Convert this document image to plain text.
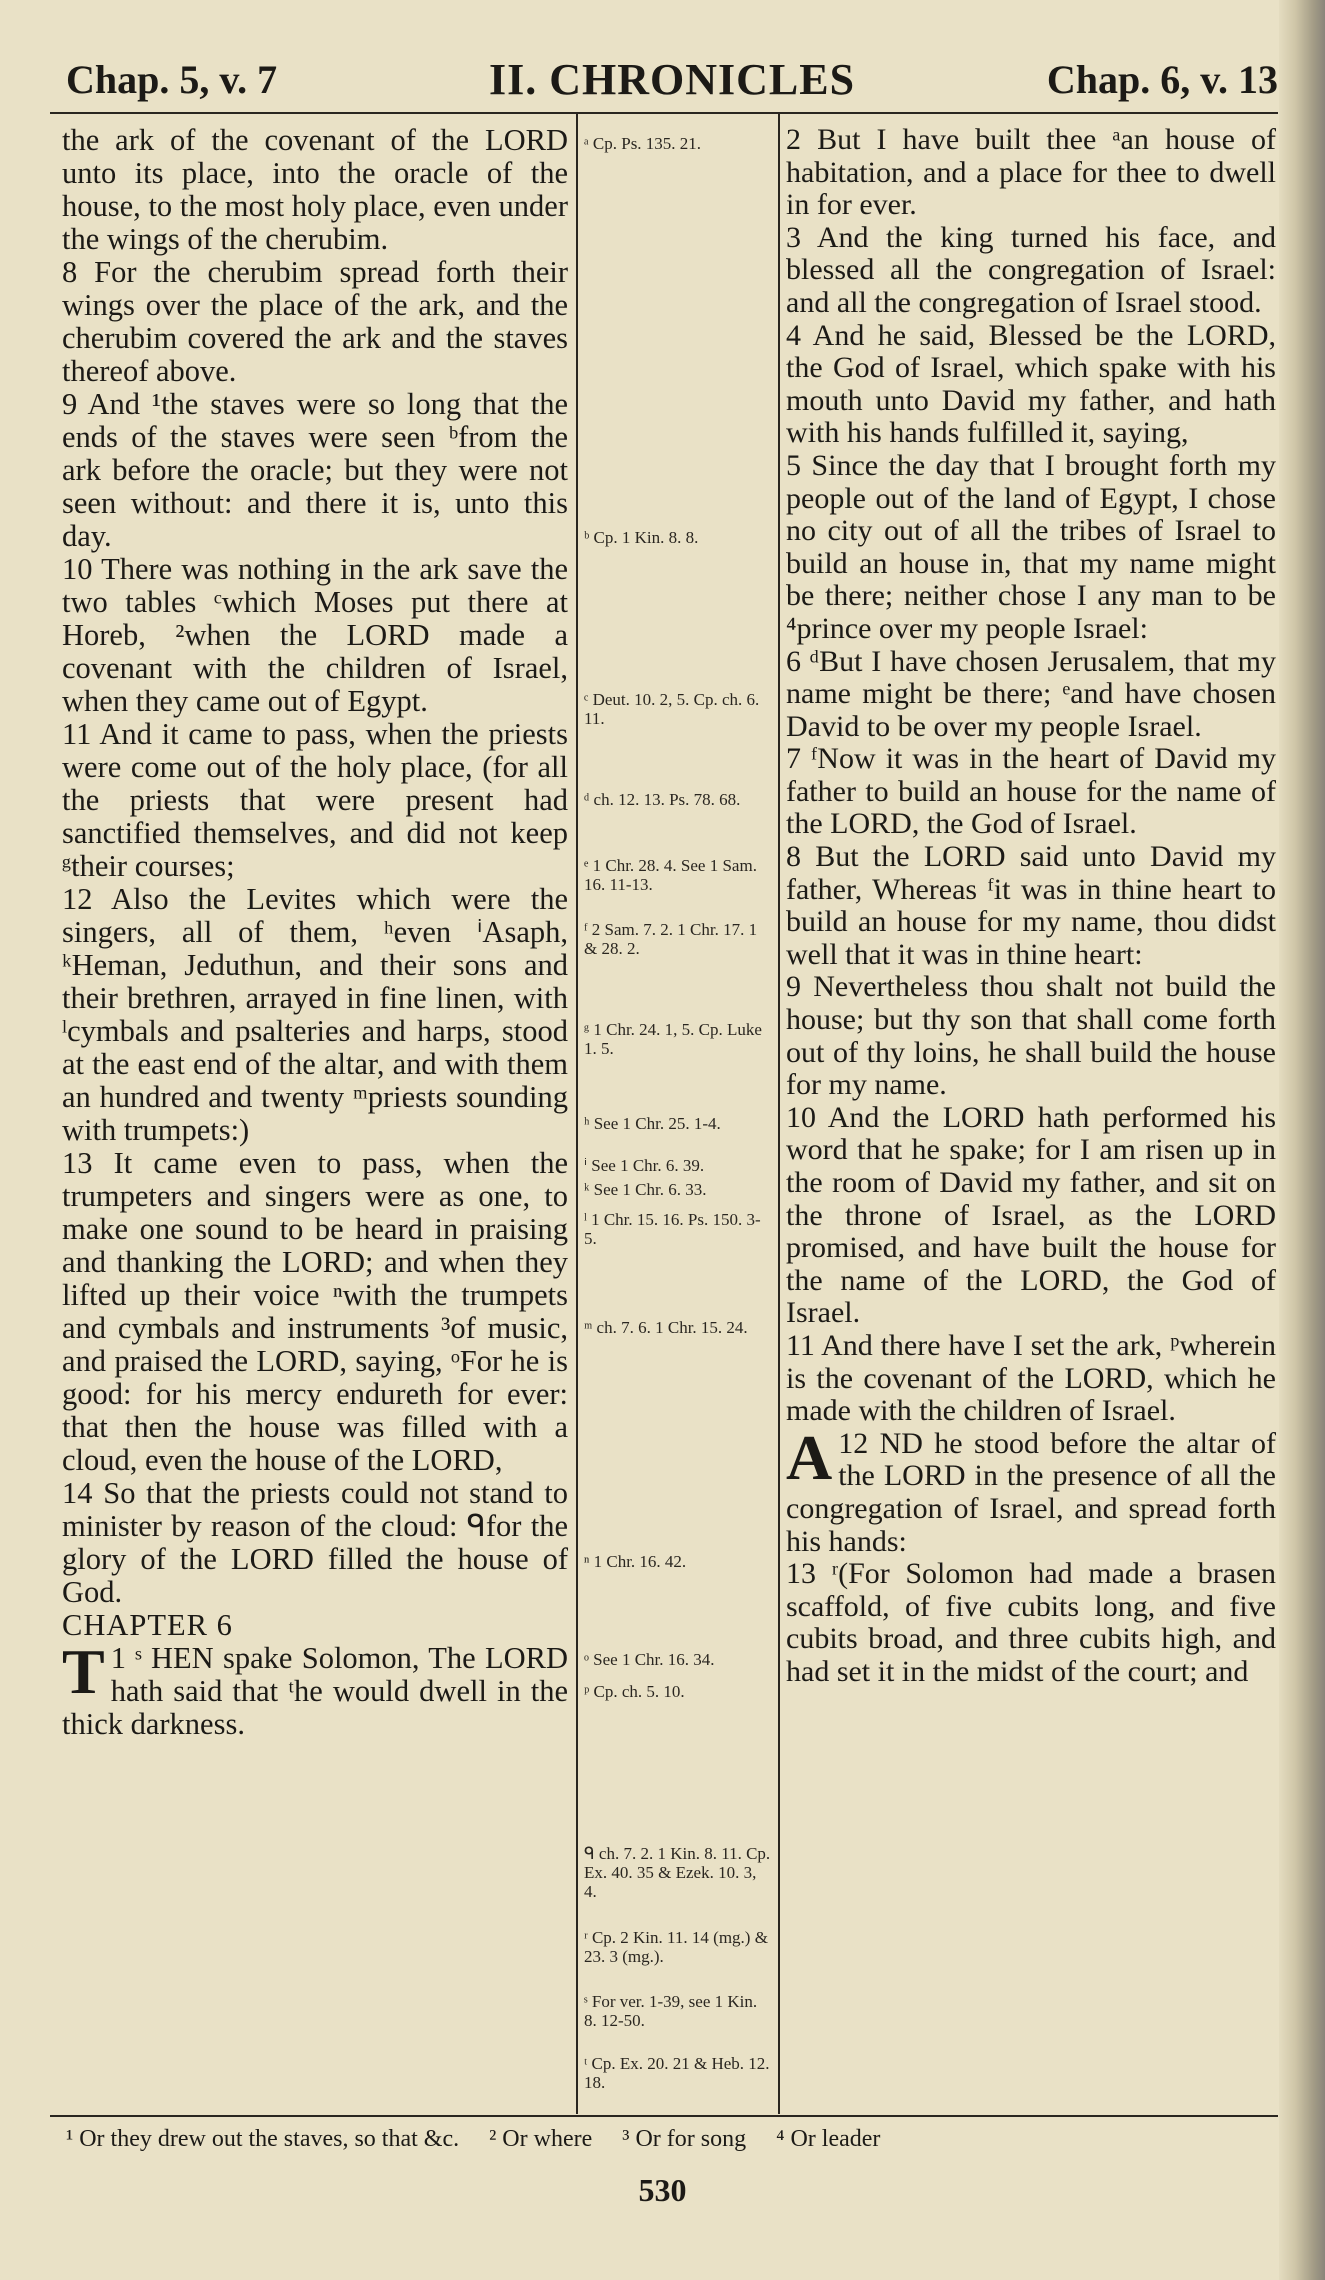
Chap. 5, v. 7	II. CHRONICLES	Chap. 6, v. 13

the ark of the covenant of the LORD unto its place, into the oracle of the house, to the most holy place, even under the wings of the cherubim.

8 For the cherubim spread forth their wings over the place of the ark, and the cherubim covered the ark and the staves thereof above.

9 And ¹the staves were so long that the ends of the staves were seen ᵇfrom the ark before the oracle; but they were not seen without: and there it is, unto this day.

10 There was nothing in the ark save the two tables ᶜwhich Moses put there at Horeb, ²when the LORD made a covenant with the children of Israel, when they came out of Egypt.

11 And it came to pass, when the priests were come out of the holy place, (for all the priests that were present had sanctified themselves, and did not keep ᵍtheir courses;

12 Also the Levites which were the singers, all of them, ʰeven ⁱAsaph, ᵏHeman, Jeduthun, and their sons and their brethren, arrayed in fine linen, with ˡcymbals and psalteries and harps, stood at the east end of the altar, and with them an hundred and twenty ᵐpriests sounding with trumpets:)

13 It came even to pass, when the trumpeters and singers were as one, to make one sound to be heard in praising and thanking the LORD; and when they lifted up their voice ⁿwith the trumpets and cymbals and instruments ³of music, and praised the LORD, saying, ᵒFor he is good: for his mercy endureth for ever: that then the house was filled with a cloud, even the house of the LORD,

14 So that the priests could not stand to minister by reason of the cloud: ᑫfor the glory of the LORD filled the house of God.

CHAPTER 6

1 ˢ
T HEN spake Solomon, The LORD hath said that ᵗhe would dwell in the thick darkness.

ᵃ Cp. Ps. 135. 21.
ᵇ Cp. 1 Kin. 8. 8.
ᶜ Deut. 10. 2, 5. Cp. ch. 6. 11.
ᵈ ch. 12. 13. Ps. 78. 68.
ᵉ 1 Chr. 28. 4. See 1 Sam. 16. 11-13.
ᶠ 2 Sam. 7. 2. 1 Chr. 17. 1 & 28. 2.
ᵍ 1 Chr. 24. 1, 5. Cp. Luke 1. 5.
ʰ See 1 Chr. 25. 1-4.
ⁱ See 1 Chr. 6. 39.
ᵏ See 1 Chr. 6. 33.
ˡ 1 Chr. 15. 16. Ps. 150. 3-5.
ᵐ ch. 7. 6. 1 Chr. 15. 24.
ⁿ 1 Chr. 16. 42.
ᵒ See 1 Chr. 16. 34.
ᵖ Cp. ch. 5. 10.
ᑫ ch. 7. 2. 1 Kin. 8. 11. Cp. Ex. 40. 35 & Ezek. 10. 3, 4.
ʳ Cp. 2 Kin. 11. 14 (mg.) & 23. 3 (mg.).
ˢ For ver. 1-39, see 1 Kin. 8. 12-50.
ᵗ Cp. Ex. 20. 21 & Heb. 12. 18.

2 But I have built thee ᵃan house of habitation, and a place for thee to dwell in for ever.

3 And the king turned his face, and blessed all the congregation of Israel: and all the congregation of Israel stood.

4 And he said, Blessed be the LORD, the God of Israel, which spake with his mouth unto David my father, and hath with his hands fulfilled it, saying,

5 Since the day that I brought forth my people out of the land of Egypt, I chose no city out of all the tribes of Israel to build an house in, that my name might be there; neither chose I any man to be ⁴prince over my people Israel:

6 ᵈBut I have chosen Jerusalem, that my name might be there; ᵉand have chosen David to be over my people Israel.

7 ᶠNow it was in the heart of David my father to build an house for the name of the LORD, the God of Israel.

8 But the LORD said unto David my father, Whereas ᶠit was in thine heart to build an house for my name, thou didst well that it was in thine heart:

9 Nevertheless thou shalt not build the house; but thy son that shall come forth out of thy loins, he shall build the house for my name.

10 And the LORD hath performed his word that he spake; for I am risen up in the room of David my father, and sit on the throne of Israel, as the LORD promised, and have built the house for the name of the LORD, the God of Israel.

11 And there have I set the ark, ᵖwherein is the covenant of the LORD, which he made with the children of Israel.

12
A ND he stood before the altar of the LORD in the presence of all the congregation of Israel, and spread forth his hands:

13 ʳ(For Solomon had made a brasen scaffold, of five cubits long, and five cubits broad, and three cubits high, and had set it in the midst of the court; and

¹ Or they drew out the staves, so that &c. ² Or where ³ Or for song ⁴ Or leader
530
